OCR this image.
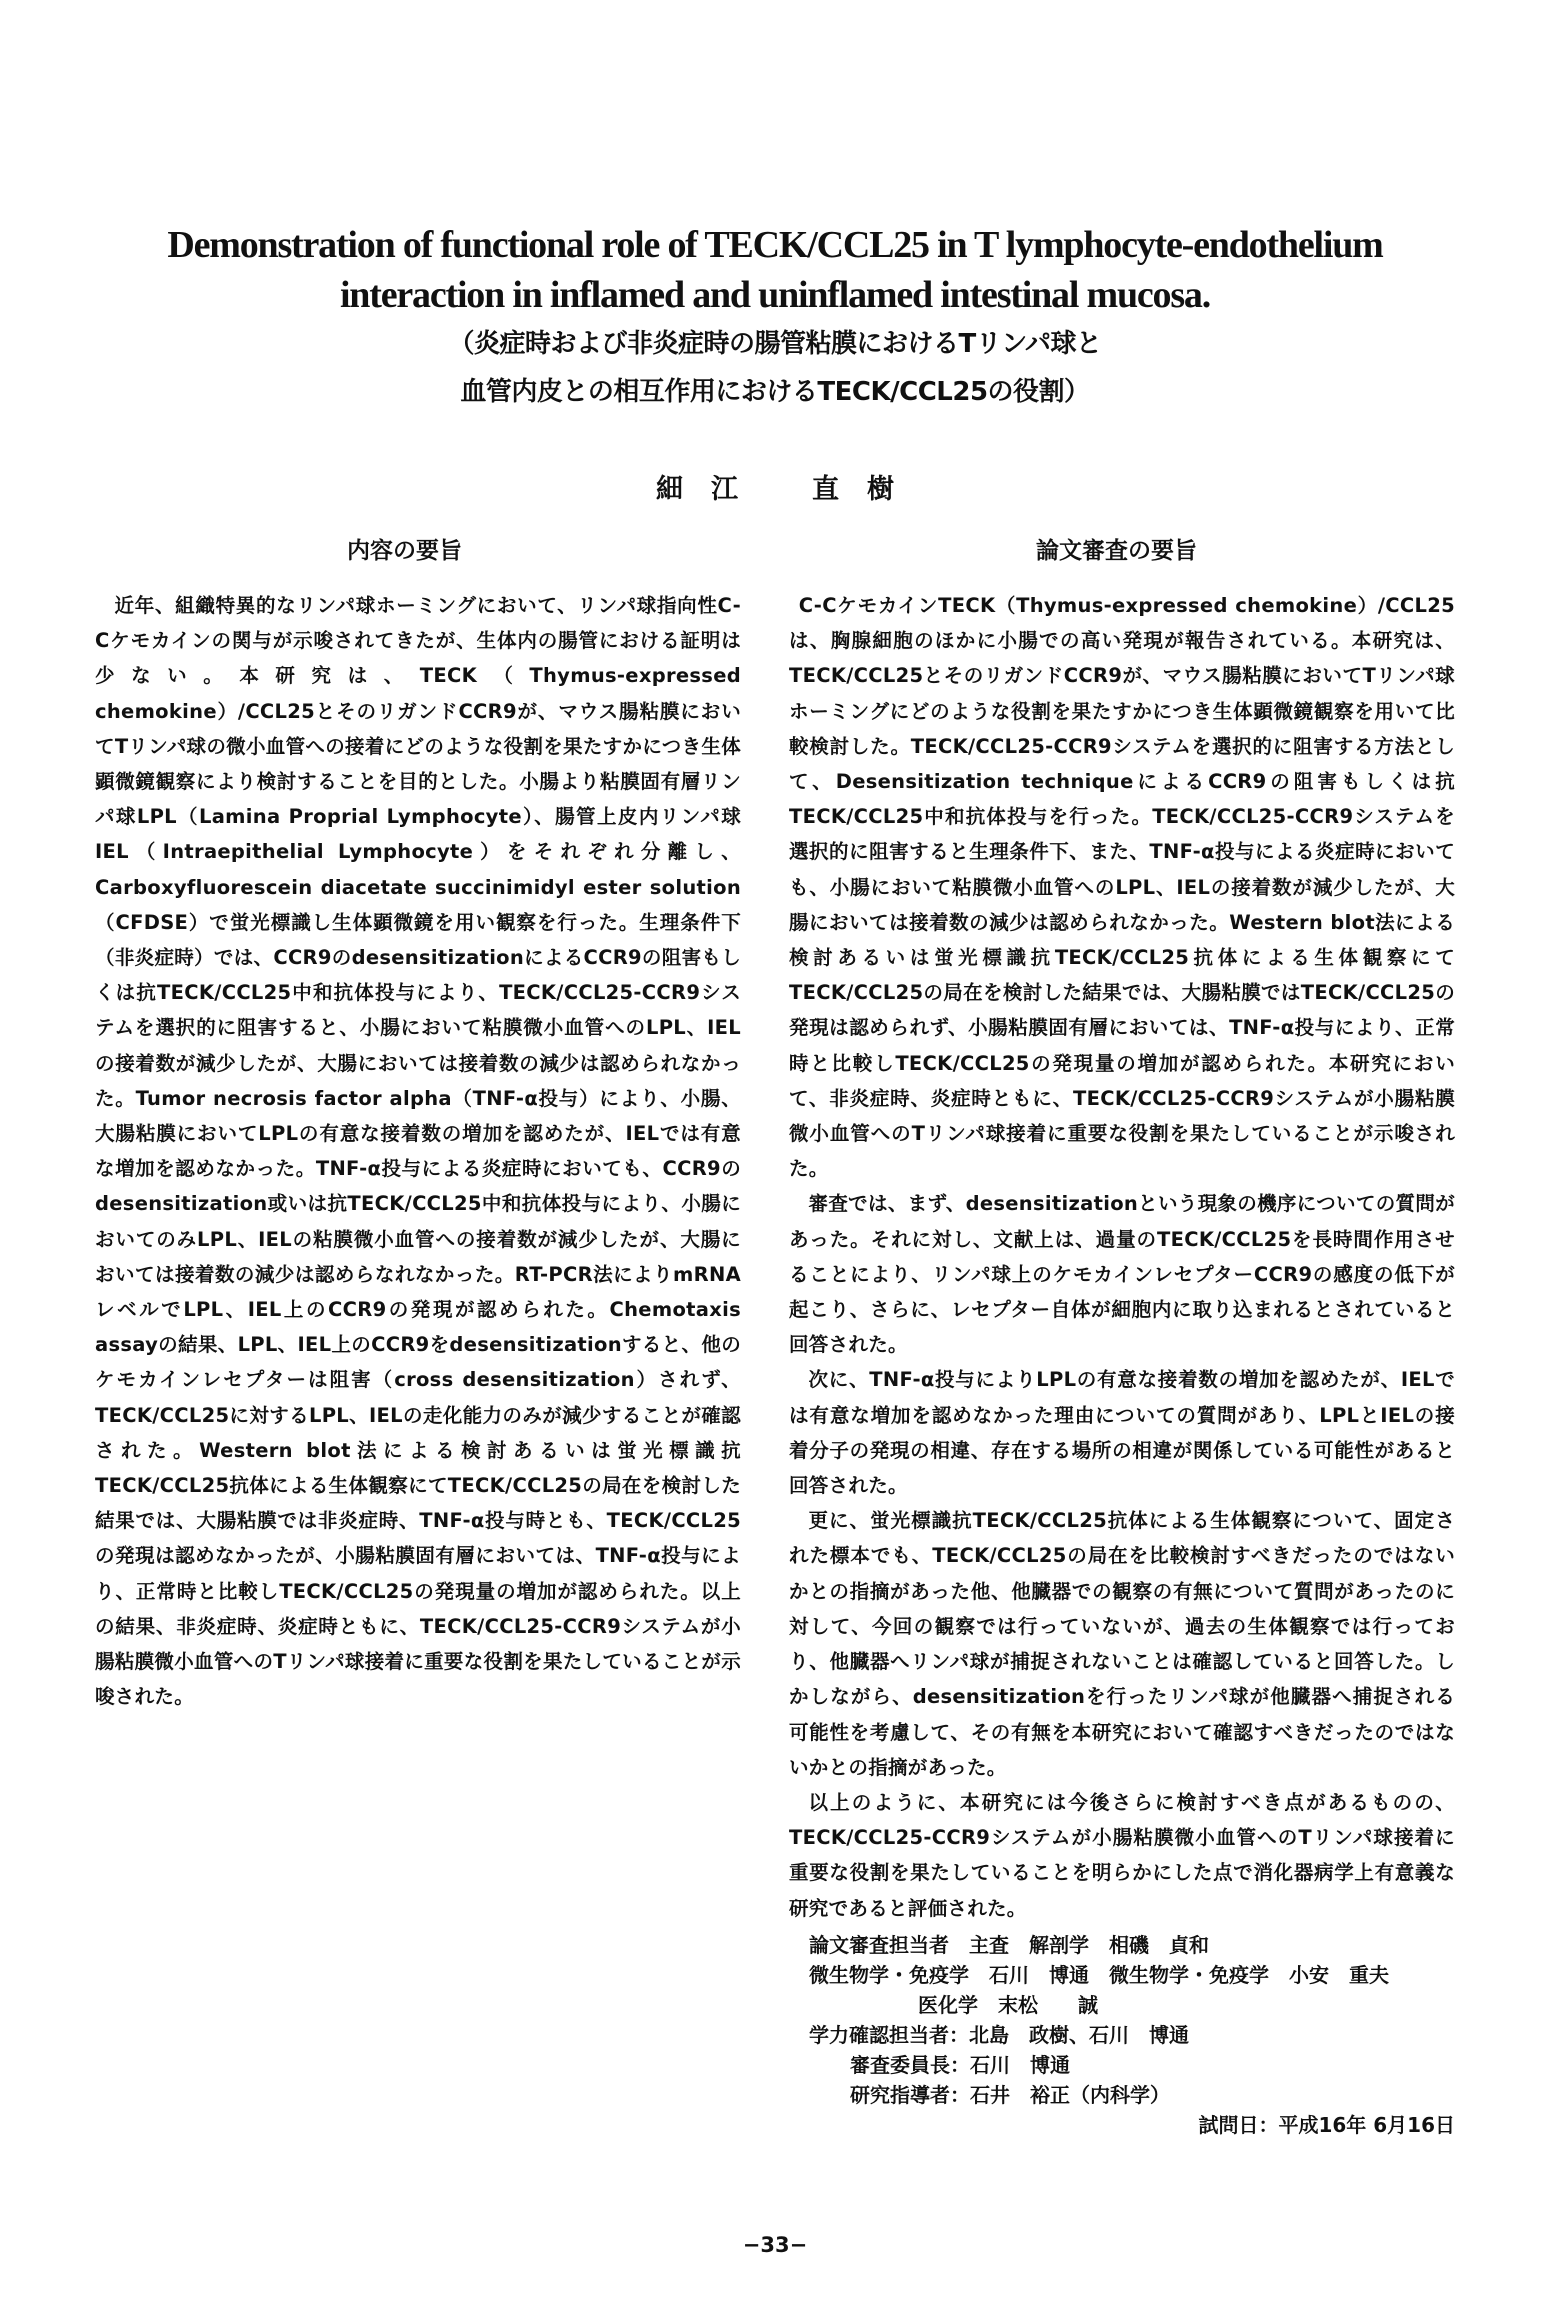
Demonstration of functional role of TECK/CCL25 in T lymphocyte-endothelium
interaction in inflamed and uninflamed intestinal mucosa.
（炎症時および非炎症時の腸管粘膜におけるTリンパ球と
血管内皮との相互作用におけるTECK/CCL25の役割）
細 江	直 樹
内容の要旨

近年、組織特異的なリンパ球ホーミングにおいて、リンパ球指向性C-Cケモカインの関与が示唆されてきたが、生体内の腸管における証明は少ない。本研究は、TECK（Thymus-expressed chemokine）/CCL25とそのリガンドCCR9が、マウス腸粘膜においてTリンパ球の微小血管への接着にどのような役割を果たすかにつき生体顕微鏡観察により検討することを目的とした。小腸より粘膜固有層リンパ球LPL（Lamina Proprial Lymphocyte）、腸管上皮内リンパ球IEL（Intraepithelial Lymphocyte）をそれぞれ分離し、Carboxyfluorescein diacetate succinimidyl ester solution（CFDSE）で蛍光標識し生体顕微鏡を用い観察を行った。生理条件下（非炎症時）では、CCR9のdesensitizationによるCCR9の阻害もしくは抗TECK/CCL25中和抗体投与により、TECK/CCL25-CCR9システムを選択的に阻害すると、小腸において粘膜微小血管へのLPL、IELの接着数が減少したが、大腸においては接着数の減少は認められなかった。Tumor necrosis factor alpha（TNF-α投与）により、小腸、大腸粘膜においてLPLの有意な接着数の増加を認めたが、IELでは有意な増加を認めなかった。TNF-α投与による炎症時においても、CCR9のdesensitization或いは抗TECK/CCL25中和抗体投与により、小腸においてのみLPL、IELの粘膜微小血管への接着数が減少したが、大腸においては接着数の減少は認めらなれなかった。RT-PCR法によりmRNAレベルでLPL、IEL上のCCR9の発現が認められた。Chemotaxis assayの結果、LPL、IEL上のCCR9をdesensitizationすると、他のケモカインレセプターは阻害（cross desensitization）されず、TECK/CCL25に対するLPL、IELの走化能力のみが減少することが確認された。Western blot法による検討あるいは蛍光標識抗TECK/CCL25抗体による生体観察にてTECK/CCL25の局在を検討した結果では、大腸粘膜では非炎症時、TNF-α投与時とも、TECK/CCL25の発現は認めなかったが、小腸粘膜固有層においては、TNF-α投与により、正常時と比較しTECK/CCL25の発現量の増加が認められた。以上の結果、非炎症時、炎症時ともに、TECK/CCL25-CCR9システムが小腸粘膜微小血管へのTリンパ球接着に重要な役割を果たしていることが示唆された。

論文審査の要旨

C-CケモカインTECK（Thymus-expressed chemokine）/CCL25は、胸腺細胞のほかに小腸での高い発現が報告されている。本研究は、TECK/CCL25とそのリガンドCCR9が、マウス腸粘膜においてTリンパ球ホーミングにどのような役割を果たすかにつき生体顕微鏡観察を用いて比較検討した。TECK/CCL25-CCR9システムを選択的に阻害する方法として、Desensitization techniqueによるCCR9の阻害もしくは抗TECK/CCL25中和抗体投与を行った。TECK/CCL25-CCR9システムを選択的に阻害すると生理条件下、また、TNF-α投与による炎症時においても、小腸において粘膜微小血管へのLPL、IELの接着数が減少したが、大腸においては接着数の減少は認められなかった。Western blot法による検討あるいは蛍光標識抗TECK/CCL25抗体による生体観察にてTECK/CCL25の局在を検討した結果では、大腸粘膜ではTECK/CCL25の発現は認められず、小腸粘膜固有層においては、TNF-α投与により、正常時と比較しTECK/CCL25の発現量の増加が認められた。本研究において、非炎症時、炎症時ともに、TECK/CCL25-CCR9システムが小腸粘膜微小血管へのTリンパ球接着に重要な役割を果たしていることが示唆された。

審査では、まず、desensitizationという現象の機序についての質問があった。それに対し、文献上は、過量のTECK/CCL25を長時間作用させることにより、リンパ球上のケモカインレセプターCCR9の感度の低下が起こり、さらに、レセプター自体が細胞内に取り込まれるとされていると回答された。

次に、TNF-α投与によりLPLの有意な接着数の増加を認めたが、IELでは有意な増加を認めなかった理由についての質問があり、LPLとIELの接着分子の発現の相違、存在する場所の相違が関係している可能性があると回答された。

更に、蛍光標識抗TECK/CCL25抗体による生体観察について、固定された標本でも、TECK/CCL25の局在を比較検討すべきだったのではないかとの指摘があった他、他臓器での観察の有無について質問があったのに対して、今回の観察では行っていないが、過去の生体観察では行っており、他臓器へリンパ球が捕捉されないことは確認していると回答した。しかしながら、desensitizationを行ったリンパ球が他臓器へ捕捉される可能性を考慮して、その有無を本研究において確認すべきだったのではないかとの指摘があった。

以上のように、本研究には今後さらに検討すべき点があるものの、TECK/CCL25-CCR9システムが小腸粘膜微小血管へのTリンパ球接着に重要な役割を果たしていることを明らかにした点で消化器病学上有意義な研究であると評価された。

論文審査担当者　主査　解剖学　相磯　貞和
微生物学・免疫学　石川　博通　微生物学・免疫学　小安　重夫
医化学　末松　　誠
学力確認担当者：北島　政樹、石川　博通
審査委員長：石川　博通
研究指導者：石井　裕正（内科学）
試問日：平成16年 6月16日
−33−
